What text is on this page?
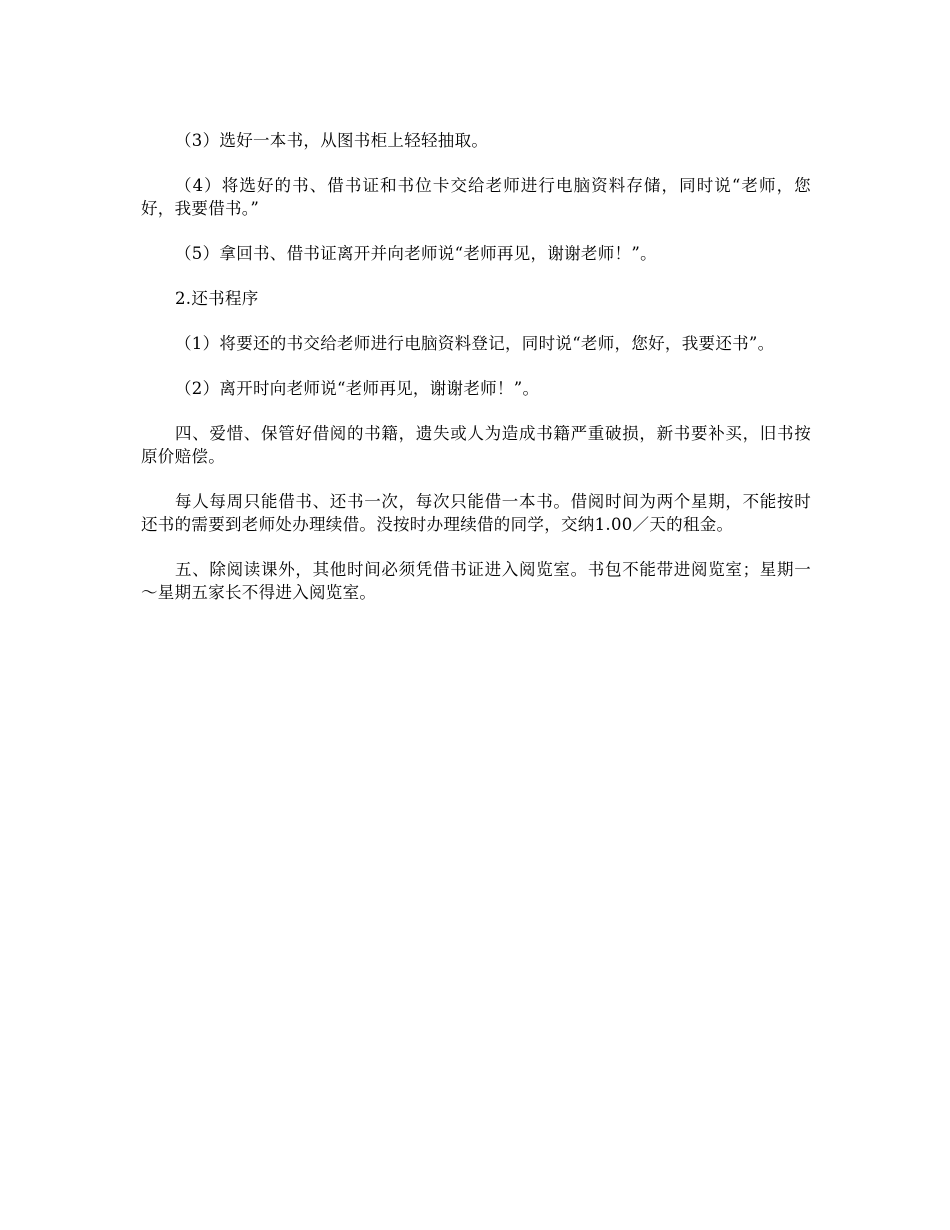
（3）选好一本书，从图书柜上轻轻抽取。

（4）将选好的书、借书证和书位卡交给老师进行电脑资料存储，同时说“老师，您好，我要借书。”

（5）拿回书、借书证离开并向老师说“老师再见，谢谢老师！”。

2.还书程序

（1）将要还的书交给老师进行电脑资料登记，同时说“老师，您好，我要还书”。

（2）离开时向老师说“老师再见，谢谢老师！”。

四、爱惜、保管好借阅的书籍，遗失或人为造成书籍严重破损，新书要补买，旧书按原价赔偿。

每人每周只能借书、还书一次，每次只能借一本书。借阅时间为两个星期，不能按时还书的需要到老师处办理续借。没按时办理续借的同学，交纳1.00／天的租金。

五、除阅读课外，其他时间必须凭借书证进入阅览室。书包不能带进阅览室；星期一～星期五家长不得进入阅览室。
